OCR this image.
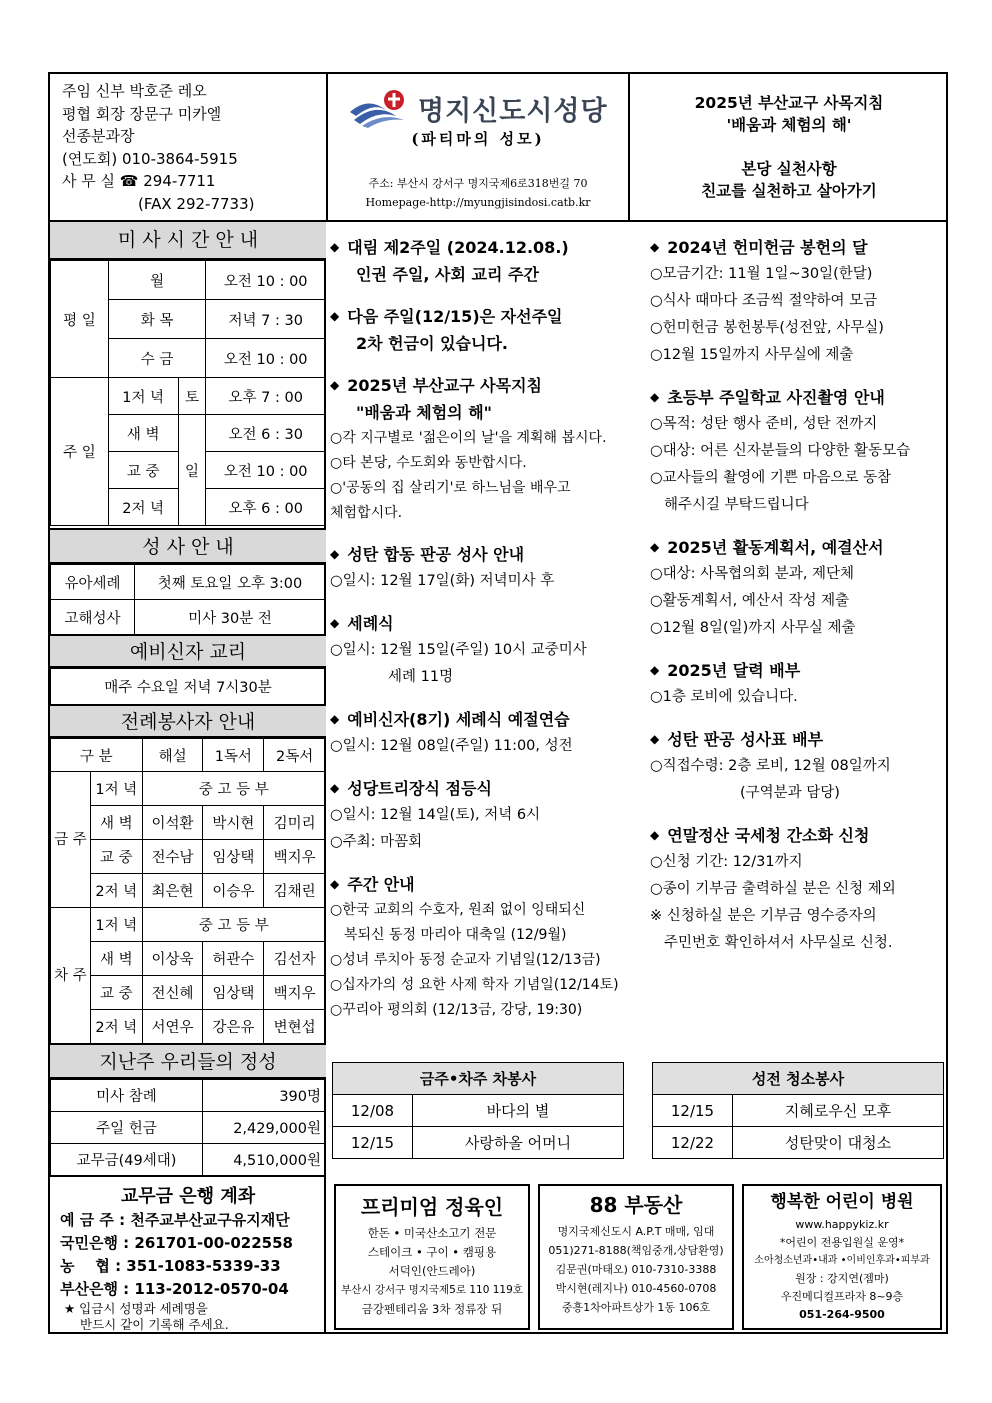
주임 신부 박호준 레오
평협 회장 장문구 미카엘
선종분과장
(연도회) 010-3864-5915
사 무 실 ☎ 294-7711
(FAX 292-7733)
명지신도시성당
(파티마의 성모)
주소: 부산시 강서구 명지국제6로318번길 70
Homepage-http://myungjisindosi.catb.kr
2025년 부산교구 사목지침
'배움과 체험의 해'
본당 실천사항
친교를 실천하고 살아가기
미 사 시 간 안 내
평 일	월		오전 10 : 00
	화 목		저녁 7 : 30
	수 금		오전 10 : 00
주 일	1저 녁	토	오후 7 : 00
	새 벽	일	오전 6 : 30
	교 중		오전 10 : 00
	2저 녁		오후 6 : 00
성 사 안 내
유아세례	첫째 토요일 오후 3:00
고해성사	미사 30분 전
예비신자 교리
매주 수요일 저녁 7시30분
전례봉사자 안내
구 분		해설	1독서	2독서
금 주	1저 녁	중 고 등 부		
	새 벽	이석환	박시현	김미리
	교 중	전수남	임상택	백지우
	2저 녁	최은현	이승우	김채린
차 주	1저 녁	중 고 등 부		
	새 벽	이상욱	허관수	김선자
	교 중	전신혜	임상택	백지우
	2저 녁	서연우	강은유	변현섭
지난주 우리들의 정성
미사 참례	390명
주일 헌금	2,429,000원
교무금(49세대)	4,510,000원
교무금 은행 계좌
예 금 주 : 천주교부산교구유지재단
국민은행 : 261701-00-022558
농    협 : 351-1083-5339-33
부산은행 : 113-2012-0570-04
★ 입금시 성명과 세례명을
반드시 같이 기록해 주세요.
◆ 대림 제2주일 (2024.12.08.)
인권 주일, 사회 교리 주간
◆ 다음 주일(12/15)은 자선주일
2차 헌금이 있습니다.
◆ 2025년 부산교구 사목지침
"배움과 체험의 해"
○각 지구별로 '젊은이의 날'을 계획해 봅시다.
○타 본당, 수도회와 동반합시다.
○'공동의 집 살리기'로 하느님을 배우고
체험합시다.
◆ 성탄 합동 판공 성사 안내
○일시: 12월 17일(화) 저녁미사 후
◆ 세례식
○일시: 12월 15일(주일) 10시 교중미사
세례 11명
◆ 예비신자(8기) 세례식 예절연습
○일시: 12월 08일(주일) 11:00, 성전
◆ 성당트리장식 점등식
○일시: 12월 14일(토), 저녁 6시
○주최: 마꼼회
◆ 주간 안내
○한국 교회의 수호자, 원죄 없이 잉태되신
복되신 동정 마리아 대축일 (12/9월)
○성녀 루치아 동정 순교자 기념일(12/13금)
○십자가의 성 요한 사제 학자 기념일(12/14토)
○꾸리아 평의회 (12/13금, 강당, 19:30)
◆ 2024년 헌미헌금 봉헌의 달
○모금기간: 11월 1일~30일(한달)
○식사 때마다 조금씩 절약하여 모금
○헌미헌금 봉헌봉투(성전앞, 사무실)
○12월 15일까지 사무실에 제출
◆ 초등부 주일학교 사진촬영 안내
○목적: 성탄 행사 준비, 성탄 전까지
○대상: 어른 신자분들의 다양한 활동모습
○교사들의 촬영에 기쁜 마음으로 동참
해주시길 부탁드립니다
◆ 2025년 활동계획서, 예결산서
○대상: 사목협의회 분과, 제단체
○활동계획서, 예산서 작성 제출
○12월 8일(일)까지 사무실 제출
◆ 2025년 달력 배부
○1층 로비에 있습니다.
◆ 성탄 판공 성사표 배부
○직접수령: 2층 로비, 12월 08일까지
(구역분과 담당)
◆ 연말정산 국세청 간소화 신청
○신청 기간: 12/31까지
○종이 기부금 출력하실 분은 신청 제외
※ 신청하실 분은 기부금 영수증자의
주민번호 확인하셔서 사무실로 신청.
금주•차주 차봉사	
12/08	바다의 별
12/15	사랑하올 어머니
성전 청소봉사	
12/15	지혜로우신 모후
12/22	성탄맞이 대청소
프리미엄 정육인
한돈 • 미국산소고기 전문
스테이크 • 구이 • 캠핑용
서덕인(안드레아)
부산시 강서구 명지국제5로 110 119호
금강펜테리움 3차 정류장 뒤
88 부동산
명지국제신도시 A.P.T 매매, 임대
051)271-8188(책임중개,상담환영)
김문권(마태오) 010-7310-3388
박시현(레지나) 010-4560-0708
중흥1차아파트상가 1동 106호
행복한 어린이 병원
www.happykiz.kr
*어린이 전용입원실 운영*
소아청소년과•내과 •이비인후과•피부과
원장 : 강지연(젬마)
우진메디컬프라자 8~9층
051-264-9500
